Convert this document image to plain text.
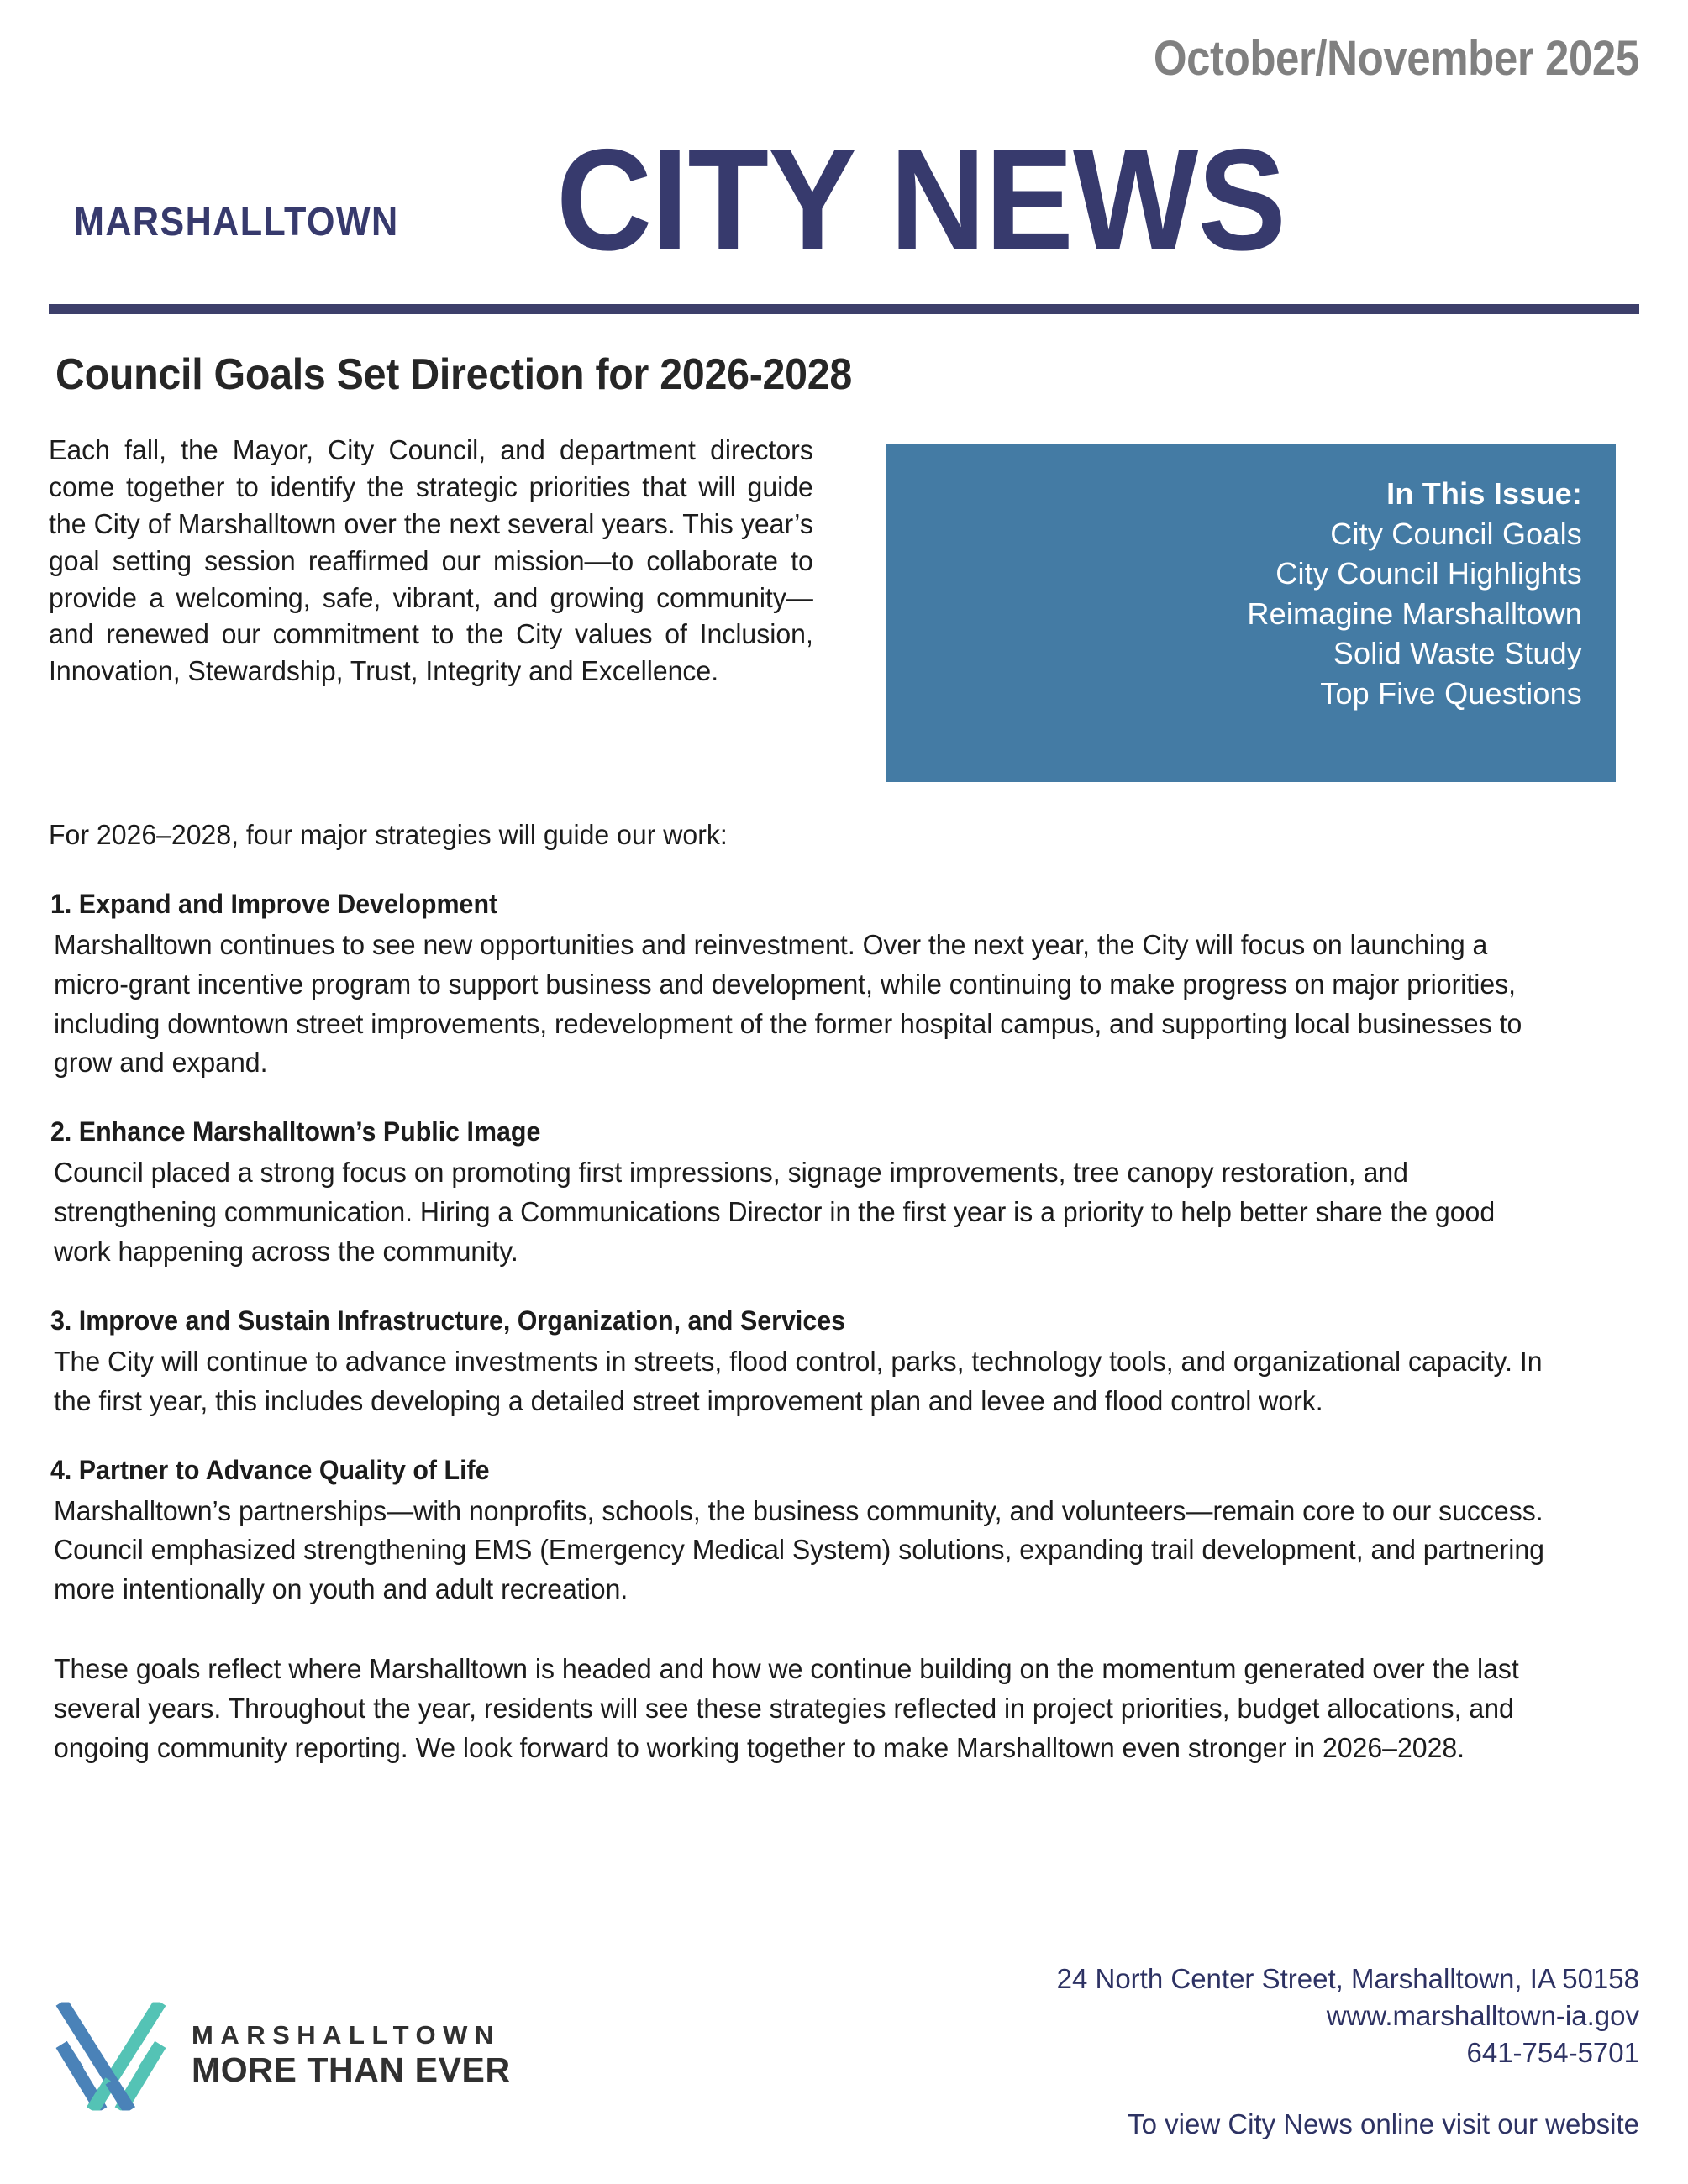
October/November 2025
MARSHALLTOWN CITY NEWS
Council Goals Set Direction for 2026-2028

Each fall, the Mayor, City Council, and department directors come together to identify the strategic priorities that will guide the City of Marshalltown over the next several years. This year’s goal setting session reaffirmed our mission—to collaborate to provide a welcoming, safe, vibrant, and growing community—and renewed our commitment to the City values of Inclusion, Innovation, Stewardship, Trust, Integrity and Excellence.

In This Issue:
City Council Goals
City Council Highlights
Reimagine Marshalltown
Solid Waste Study
Top Five Questions

For 2026–2028, four major strategies will guide our work:

1. Expand and Improve Development
Marshalltown continues to see new opportunities and reinvestment. Over the next year, the City will focus on launching a micro-grant incentive program to support business and development, while continuing to make progress on major priorities, including downtown street improvements, redevelopment of the former hospital campus, and supporting local businesses to grow and expand.
2. Enhance Marshalltown’s Public Image
Council placed a strong focus on promoting first impressions, signage improvements, tree canopy restoration, and strengthening communication. Hiring a Communications Director in the first year is a priority to help better share the good work happening across the community.
3. Improve and Sustain Infrastructure, Organization, and Services
The City will continue to advance investments in streets, flood control, parks, technology tools, and organizational capacity. In the first year, this includes developing a detailed street improvement plan and levee and flood control work.
4. Partner to Advance Quality of Life
Marshalltown’s partnerships—with nonprofits, schools, the business community, and volunteers—remain core to our success. Council emphasized strengthening EMS (Emergency Medical System) solutions, expanding trail development, and partnering more intentionally on youth and adult recreation.

These goals reflect where Marshalltown is headed and how we continue building on the momentum generated over the last several years. Throughout the year, residents will see these strategies reflected in project priorities, budget allocations, and ongoing community reporting. We look forward to working together to make Marshalltown even stronger in 2026–2028.

24 North Center Street, Marshalltown, IA 50158
www.marshalltown-ia.gov
641-754-5701
To view City News online visit our website
MARSHALLTOWN
MORE THAN EVER
